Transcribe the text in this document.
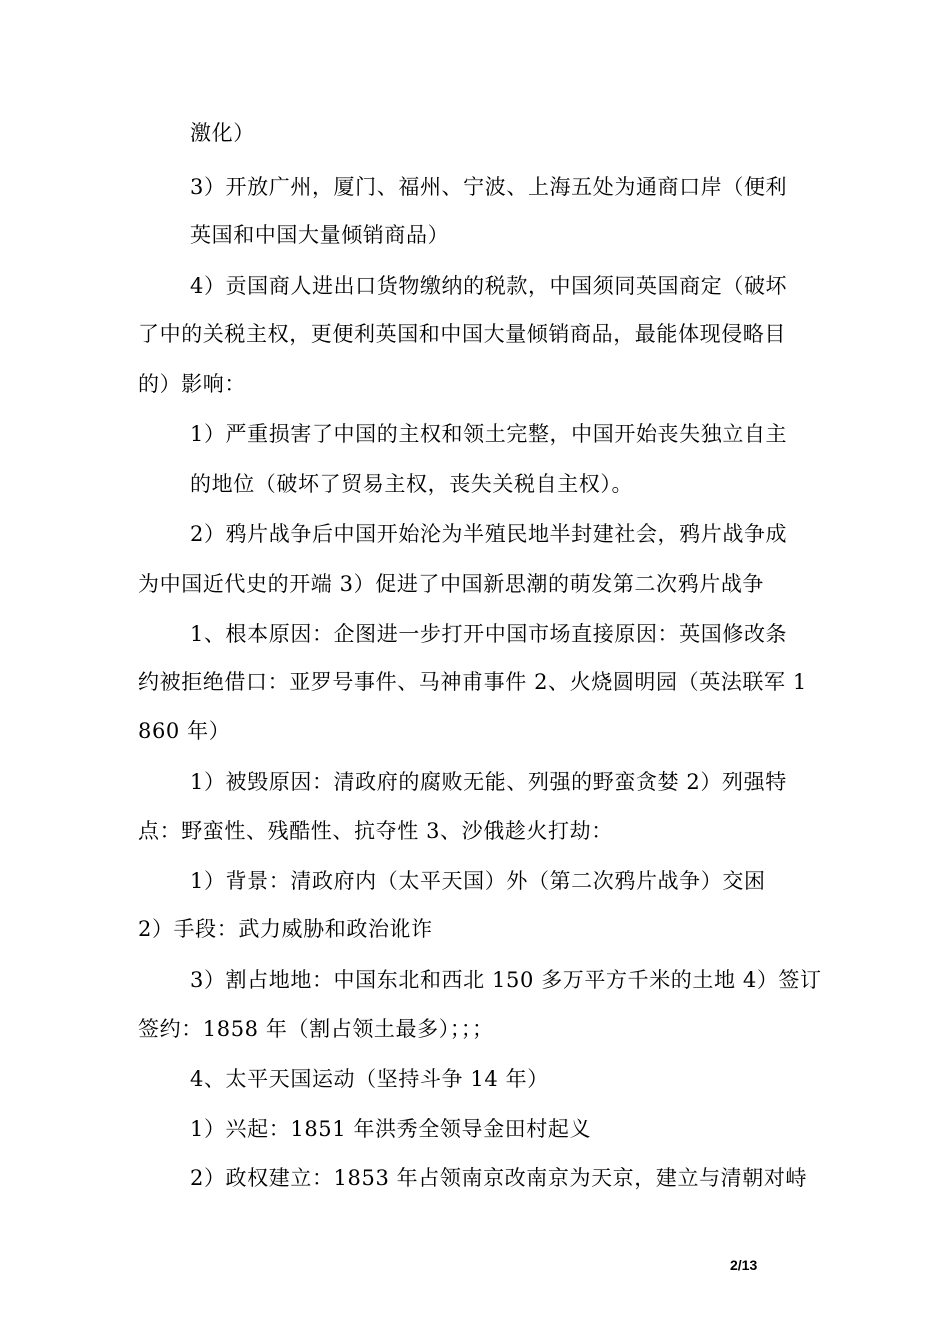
激化）
3）开放广州，厦门、福州、宁波、上海五处为通商口岸（便利
英国和中国大量倾销商品）
4）贡国商人进出口货物缴纳的税款，中国须同英国商定（破坏
了中的关税主权，更便利英国和中国大量倾销商品，最能体现侵略目
的）影响：
1）严重损害了中国的主权和领土完整，中国开始丧失独立自主
的地位（破坏了贸易主权，丧失关税自主权）。
2）鸦片战争后中国开始沦为半殖民地半封建社会，鸦片战争成
为中国近代史的开端 3）促进了中国新思潮的萌发第二次鸦片战争
1、根本原因：企图进一步打开中国市场直接原因：英国修改条
约被拒绝借口：亚罗号事件、马神甫事件 2、火烧圆明园（英法联军 1
860 年）
1）被毁原因：清政府的腐败无能、列强的野蛮贪婪 2）列强特
点：野蛮性、残酷性、抗夺性 3、沙俄趁火打劫：
1）背景：清政府内（太平天国）外（第二次鸦片战争）交困
2）手段：武力威胁和政治讹诈
3）割占地地：中国东北和西北 150 多万平方千米的土地 4）签订
签约：1858 年（割占领土最多）；；；
4、太平天国运动（坚持斗争 14 年）
1）兴起：1851 年洪秀全领导金田村起义
2）政权建立：1853 年占领南京改南京为天京，建立与清朝对峙
2/13
